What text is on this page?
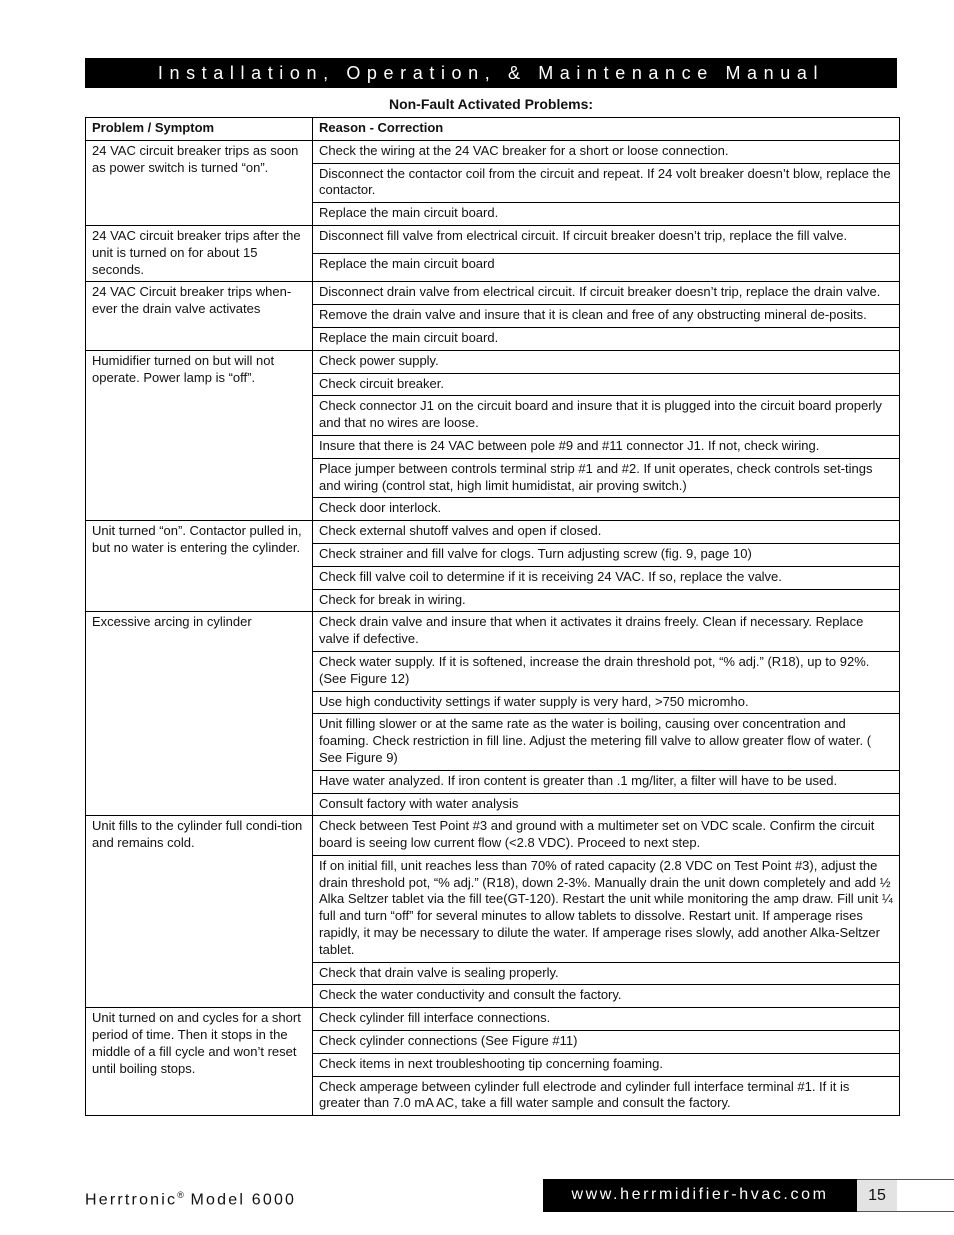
Installation, Operation, & Maintenance Manual
Non-Fault Activated Problems:
Problem / Symptom	Reason - Correction
24 VAC circuit breaker trips as soon as power switch is turned “on”.	Check the wiring at the 24 VAC breaker for a short or loose connection.
	Disconnect the contactor coil from the circuit and repeat. If 24 volt breaker doesn’t blow, replace the contactor.
	Replace the main circuit board.
24 VAC circuit breaker trips after the unit is turned on for about 15 seconds.	Disconnect fill valve from electrical circuit. If circuit breaker doesn’t trip, replace the fill valve.
	Replace the main circuit board
24 VAC Circuit breaker trips when-ever the drain valve activates	Disconnect drain valve from electrical circuit. If circuit breaker doesn’t trip, replace the drain valve.
	Remove the drain valve and insure that it is clean and free of any obstructing mineral de-posits.
	Replace the main circuit board.
Humidifier turned on but will not operate. Power lamp is “off”.	Check power supply.
	Check circuit breaker.
	Check connector J1 on the circuit board and insure that it is plugged into the circuit board properly and that no wires are loose.
	Insure that there is 24 VAC between pole #9 and #11 connector J1. If not, check wiring.
	Place jumper between controls terminal strip #1 and #2. If unit operates, check controls set-tings and wiring (control stat, high limit humidistat, air proving switch.)
	Check door interlock.
Unit turned “on”. Contactor pulled in, but no water is entering the cylinder.	Check external shutoff valves and open if closed.
	Check strainer and fill valve for clogs. Turn adjusting screw (fig. 9, page 10)
	Check fill valve coil to determine if it is receiving 24 VAC. If so, replace the valve.
	Check for break in wiring.
Excessive arcing in cylinder	Check drain valve and insure that when it activates it drains freely. Clean if necessary. Replace valve if defective.
	Check water supply. If it is softened, increase the drain threshold pot, “% adj.” (R18), up to 92%. (See Figure 12)
	Use high conductivity settings if water supply is very hard, >750 micromho.
	Unit filling slower or at the same rate as the water is boiling, causing over concentration and foaming. Check restriction in fill line. Adjust the metering fill valve to allow greater flow of water. ( See Figure 9)
	Have water analyzed. If iron content is greater than .1 mg/liter, a filter will have to be used.
	Consult factory with water analysis
Unit fills to the cylinder full condi-tion and remains cold.	Check between Test Point #3 and ground with a multimeter set on VDC scale. Confirm the circuit board is seeing low current flow (<2.8 VDC). Proceed to next step.
	If on initial fill, unit reaches less than 70% of rated capacity (2.8 VDC on Test Point #3), adjust the drain threshold pot, “% adj.” (R18), down 2-3%. Manually drain the unit down completely and add ½ Alka Seltzer tablet via the fill tee(GT-120). Restart the unit while monitoring the amp draw. Fill unit ¼ full and turn “off” for several minutes to allow tablets to dissolve. Restart unit. If amperage rises rapidly, it may be necessary to dilute the water. If amperage rises slowly, add another Alka-Seltzer tablet.
	Check that drain valve is sealing properly.
	Check the water conductivity and consult the factory.
Unit turned on and cycles for a short period of time. Then it stops in the middle of a fill cycle and won’t reset until boiling stops.	Check cylinder fill interface connections.
	Check cylinder connections (See Figure #11)
	Check items in next troubleshooting tip concerning foaming.
	Check amperage between cylinder full electrode and cylinder full interface terminal #1. If it is greater than 7.0 mA AC, take a fill water sample and consult the factory.
Herrtronic® Model 6000	www.herrmidifier-hvac.com	15
